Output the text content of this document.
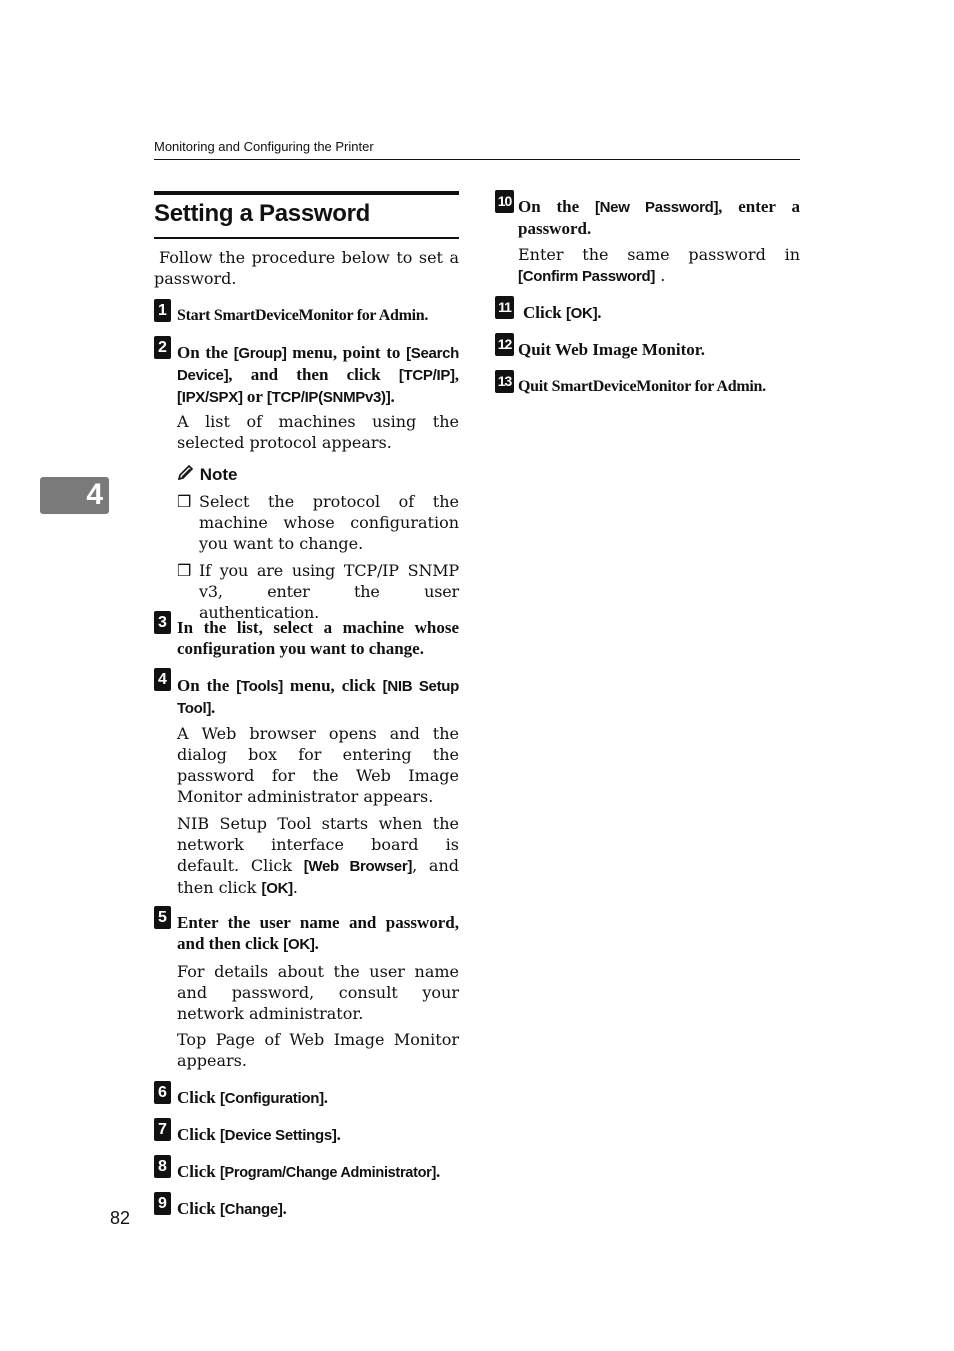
Monitoring and Configuring the Printer
4
82
Setting a Password
Follow the procedure below to set a password.
1 Start SmartDeviceMonitor for Admin.
2 On the [Group] menu, point to [Search Device], and then click [TCP/IP], [IPX/SPX] or [TCP/IP(SNMPv3)].
A list of machines using the selected protocol appears.
Note
❒ Select the protocol of the machine whose configuration you want to change.
❒ If you are using TCP/IP SNMP v3, enter the user authentication.
3 In the list, select a machine whose configuration you want to change.
4 On the [Tools] menu, click [NIB Setup Tool].
A Web browser opens and the dialog box for entering the password for the Web Image Monitor administrator appears.
NIB Setup Tool starts when the network interface board is default. Click [Web Browser], and then click [OK].
5 Enter the user name and password, and then click [OK].
For details about the user name and password, consult your network administrator.
Top Page of Web Image Monitor appears.
6 Click [Configuration].
7 Click [Device Settings].
8 Click [Program/Change Administrator].
9 Click [Change].
10 On the [New Password], enter a password.
Enter the same password in [Confirm Password] .
11 Click [OK].
12 Quit Web Image Monitor.
13 Quit SmartDeviceMonitor for Admin.
